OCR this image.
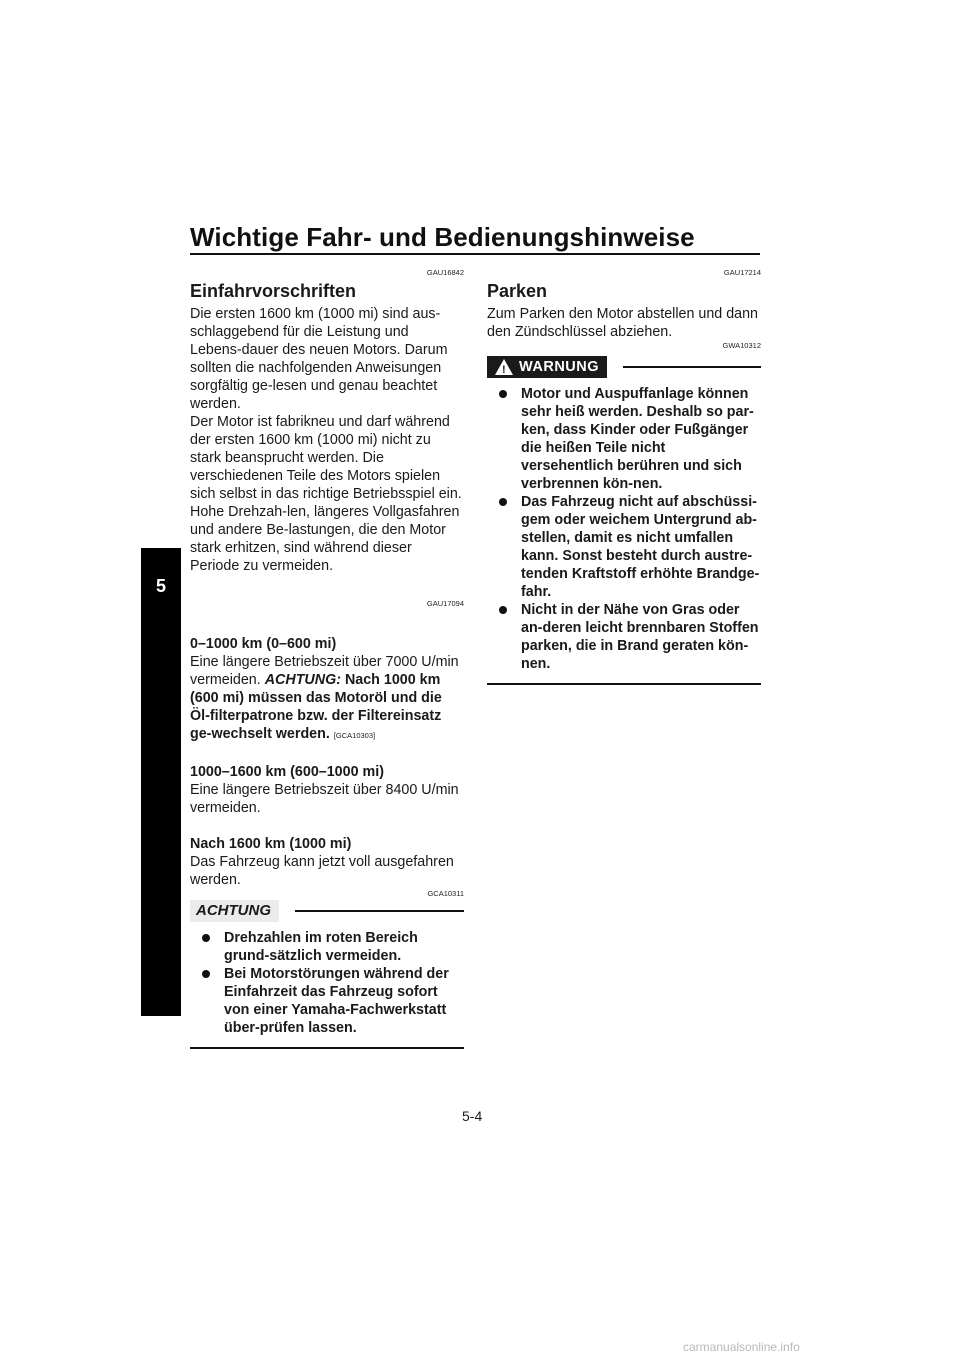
Wichtige Fahr- und Bedienungshinweise
5
GAU16842
Einfahrvorschriften

Die ersten 1600 km (1000 mi) sind aus-schlaggebend für die Leistung und Lebens-dauer des neuen Motors. Darum sollten die nachfolgenden Anweisungen sorgfältig ge-lesen und genau beachtet werden.

Der Motor ist fabrikneu und darf während der ersten 1600 km (1000 mi) nicht zu stark beansprucht werden. Die verschiedenen Teile des Motors spielen sich selbst in das richtige Betriebsspiel ein. Hohe Drehzah-len, längeres Vollgasfahren und andere Be-lastungen, die den Motor stark erhitzen, sind während dieser Periode zu vermeiden.

GAU17094

0–1000 km (0–600 mi)

Eine längere Betriebszeit über 7000 U/min vermeiden. ACHTUNG: Nach 1000 km (600 mi) müssen das Motoröl und die Öl-filterpatrone bzw. der Filtereinsatz ge-wechselt werden. [GCA10303]

1000–1600 km (600–1000 mi)

Eine längere Betriebszeit über 8400 U/min vermeiden.

Nach 1600 km (1000 mi)

Das Fahrzeug kann jetzt voll ausgefahren werden.

GCA10311
ACHTUNG
Drehzahlen im roten Bereich grund-sätzlich vermeiden.
Bei Motorstörungen während der Einfahrzeit das Fahrzeug sofort von einer Yamaha-Fachwerkstatt über-prüfen lassen.
GAU17214
Parken

Zum Parken den Motor abstellen und dann den Zündschlüssel abziehen.

GWA10312
!
WARNUNG
Motor und Auspuffanlage können sehr heiß werden. Deshalb so par-ken, dass Kinder oder Fußgänger die heißen Teile nicht versehentlich berühren und sich verbrennen kön-nen.
Das Fahrzeug nicht auf abschüssi-gem oder weichem Untergrund ab-stellen, damit es nicht umfallen kann. Sonst besteht durch austre-tenden Kraftstoff erhöhte Brandge-fahr.
Nicht in der Nähe von Gras oder an-deren leicht brennbaren Stoffen parken, die in Brand geraten kön-nen.
5-4
carmanualsonline.info
